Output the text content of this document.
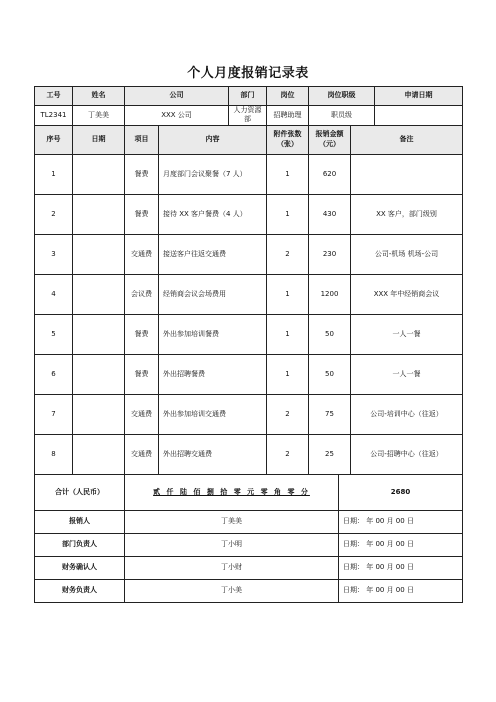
个人月度报销记录表
工号	姓名	公司		部门	岗位	岗位职级		申请日期
TL2341	丁美美	XXX 公司		人力资源部	招聘助理	职员级		
序号	日期	项目	内容		附件张数（张）	报销金额（元）	备注	
1		餐费	月度部门会议聚餐（7 人）		1	620		
2		餐费	接待 XX 客户餐费（4 人）		1	430	XX 客户，部门级别	
3		交通费	接送客户往返交通费		2	230	公司-机场 机场-公司	
4		会议费	经销商会议会场费用		1	1200	XXX 年中经销商会议	
5		餐费	外出参加培训餐费		1	50	一人一餐	
6		餐费	外出招聘餐费		1	50	一人一餐	
7		交通费	外出参加培训交通费		2	75	公司-培训中心（往返）	
8		交通费	外出招聘交通费		2	25	公司-招聘中心（往返）	
合计（人民币）	贰 仟 陆 佰 捌 拾 零 元 零 角 零 分	2680
报销人	丁美美	日期： 年 00 月 00 日
部门负责人	丁小明	日期： 年 00 月 00 日
财务确认人	丁小财	日期： 年 00 月 00 日
财务负责人	丁小美	日期： 年 00 月 00 日
